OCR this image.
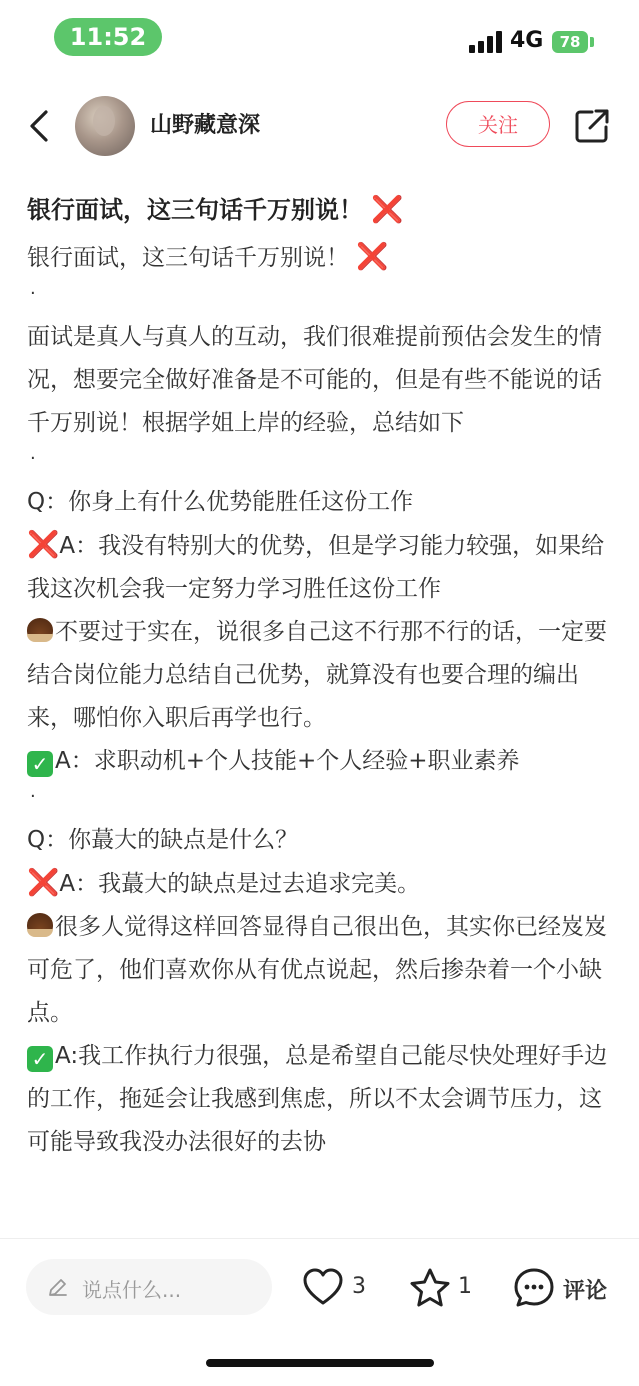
11:52	4G	78
山野藏意深	关注

银行面试，这三句话千万别说！ ❌

银行面试，这三句话千万别说！ ❌

·

面试是真人与真人的互动，我们很难提前预估会发生的情况，想要完全做好准备是不可能的，但是有些不能说的话千万别说！根据学姐上岸的经验，总结如下

·

Q：你身上有什么优势能胜任这份工作

❌A：我没有特别大的优势，但是学习能力较强，如果给我这次机会我一定努力学习胜任这份工作

不要过于实在，说很多自己这不行那不行的话，一定要结合岗位能力总结自己优势，就算没有也要合理的编出来，哪怕你入职后再学也行。

✓ A：求职动机+个人技能+个人经验+职业素养

·

Q：你蕞大的缺点是什么？

❌A：我蕞大的缺点是过去追求完美。

很多人觉得这样回答显得自己很出色，其实你已经岌岌可危了，他们喜欢你从有优点说起，然后掺杂着一个小缺点。

✓ A:我工作执行力很强，总是希望自己能尽快处理好手边的工作，拖延会让我感到焦虑，所以不太会调节压力，这可能导致我没办法很好的去协

说点什么...	3	1	评论
